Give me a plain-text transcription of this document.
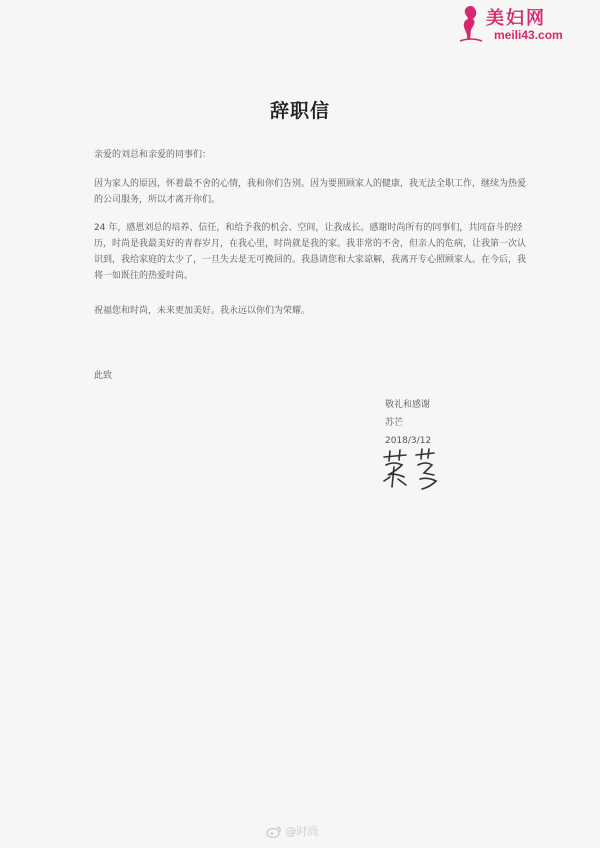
美妇网
meili43.com
辞职信
亲爱的刘总和亲爱的同事们：
因为家人的原因，怀着最不舍的心情，我和你们告别。因为要照顾家人的健康，我无法全职工作，继续为热爱的公司服务，所以才离开你们。
24 年，感恩刘总的培养、信任，和给予我的机会、空间，让我成长。感谢时尚所有的同事们，共同奋斗的经历，时尚是我最美好的青春岁月，在我心里，时尚就是我的家。我非常的不舍，但亲人的危病，让我第一次认识到，我给家庭的太少了，一旦失去是无可挽回的。我恳请您和大家谅解，我离开专心照顾家人。在今后，我将一如既往的热爱时尚。
祝福您和时尚，未来更加美好。我永远以你们为荣耀。
此致
敬礼和感谢
苏芒
2018/3/12
@时尚
